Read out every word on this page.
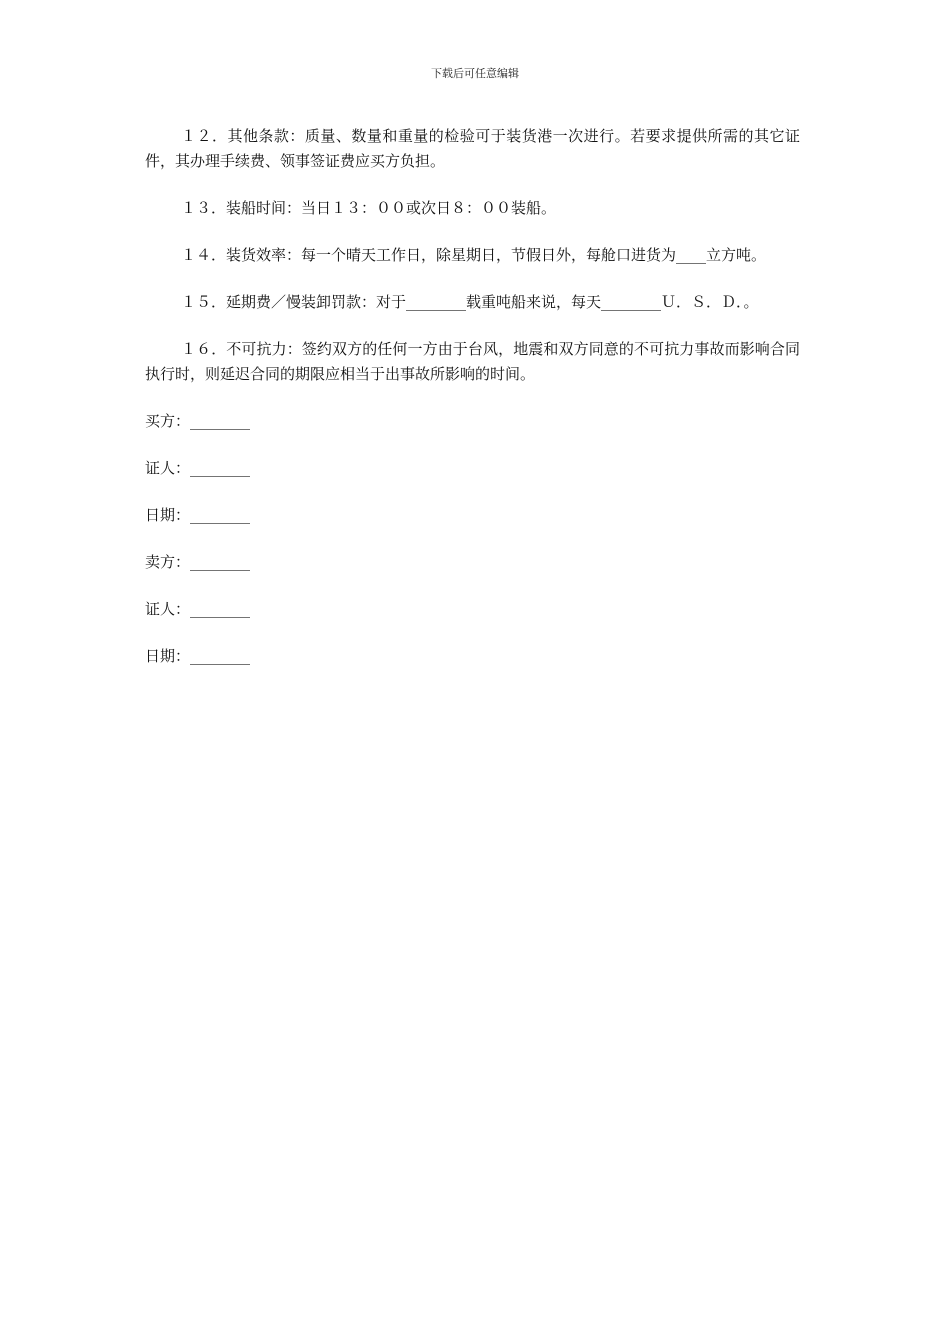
下载后可任意编辑

１２．其他条款：质量、数量和重量的检验可于装货港一次进行。若要求提供所需的其它证件，其办理手续费、领事签证费应买方负担。

１３．装船时间：当日１３：００或次日８：００装船。

１４．装货效率：每一个晴天工作日，除星期日，节假日外，每舱口进货为____立方吨。

１５．延期费／慢装卸罚款：对于________载重吨船来说，每天________Ｕ．Ｓ．Ｄ．。

１６．不可抗力：签约双方的任何一方由于台风，地震和双方同意的不可抗力事故而影响合同执行时，则延迟合同的期限应相当于出事故所影响的时间。

买方：________
证人：________
日期：________
卖方：________
证人：________
日期：________
